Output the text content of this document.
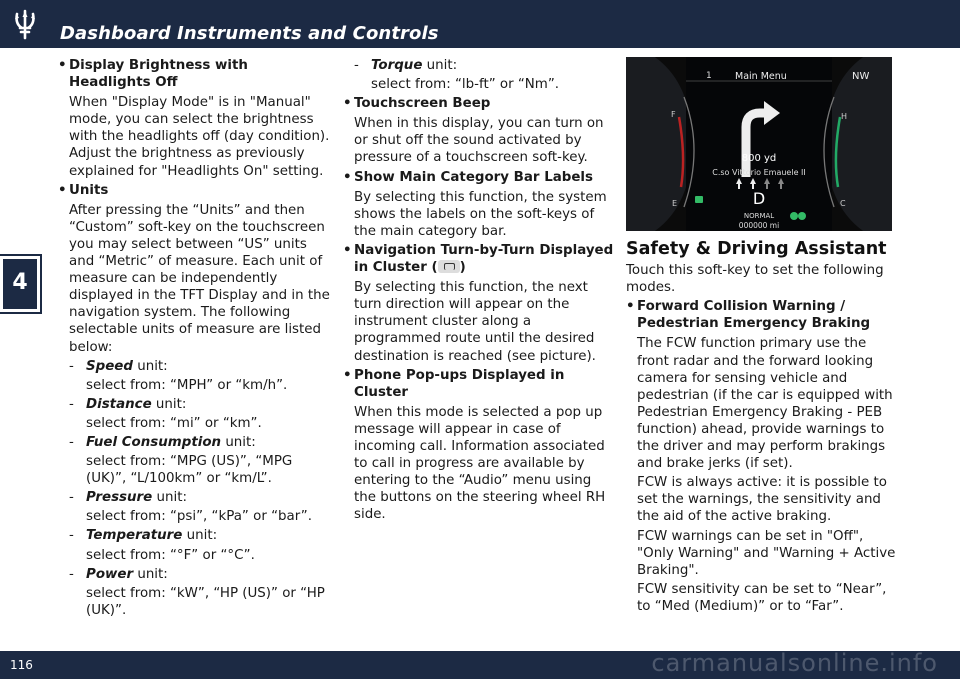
Dashboard Instruments and Controls
4
• Display Brightness with Headlights Off
When "Display Mode" is in "Manual" mode, you can select the brightness with the headlights off (day condition). Adjust the brightness as previously explained for "Headlights On" setting.
• Units
After pressing the “Units” and then “Custom” soft-key on the touchscreen you may select between “US” units and “Metric” of measure. Each unit of measure can be independently displayed in the TFT Display and in the navigation system. The following selectable units of measure are listed below:
- Speed unit:
select from: “MPH” or “km/h”.
- Distance unit:
select from: “mi” or “km”.
- Fuel Consumption unit:
select from: “MPG (US)”, “MPG (UK)”, “L/100km” or “km/L”.
- Pressure unit:
select from: “psi”, “kPa” or “bar”.
- Temperature unit:
select from: “°F” or “°C”.
- Power unit:
select from: “kW”, “HP (US)” or “HP (UK)”.
- Torque unit:
select from: “lb-ft” or “Nm”.
• Touchscreen Beep
When in this display, you can turn on or shut off the sound activated by pressure of a touchscreen soft-key.
• Show Main Category Bar Labels
By selecting this function, the system shows the labels on the soft-keys of the main category bar.
• Navigation Turn-by-Turn Displayed in Cluster ( )
By selecting this function, the next turn direction will appear on the instrument cluster along a programmed route until the desired destination is reached (see picture).
• Phone Pop-ups Displayed in Cluster
When this mode is selected a pop up message will appear in case of incoming call. Information associated to call in progress are available by entering to the “Audio” menu using the buttons on the steering wheel RH side.
1 Main Menu	NW
F
E
H
C
800 yd
C.so Vittorio Emauele II
D
NORMAL
000000 mi
Safety & Driving Assistant
Touch this soft-key to set the following modes.
• Forward Collision Warning / Pedestrian Emergency Braking
The FCW function primary use the front radar and the forward looking camera for sensing vehicle and pedestrian (if the car is equipped with Pedestrian Emergency Braking - PEB function) ahead, provide warnings to the driver and may perform brakings and brake jerks (if set).
FCW is always active: it is possible to set the warnings, the sensitivity and the aid of the active braking.
FCW warnings can be set in "Off", "Only Warning" and "Warning + Active Braking".
FCW sensitivity can be set to “Near”, to “Med (Medium)” or to “Far”.
116	carmanualsonline.info
